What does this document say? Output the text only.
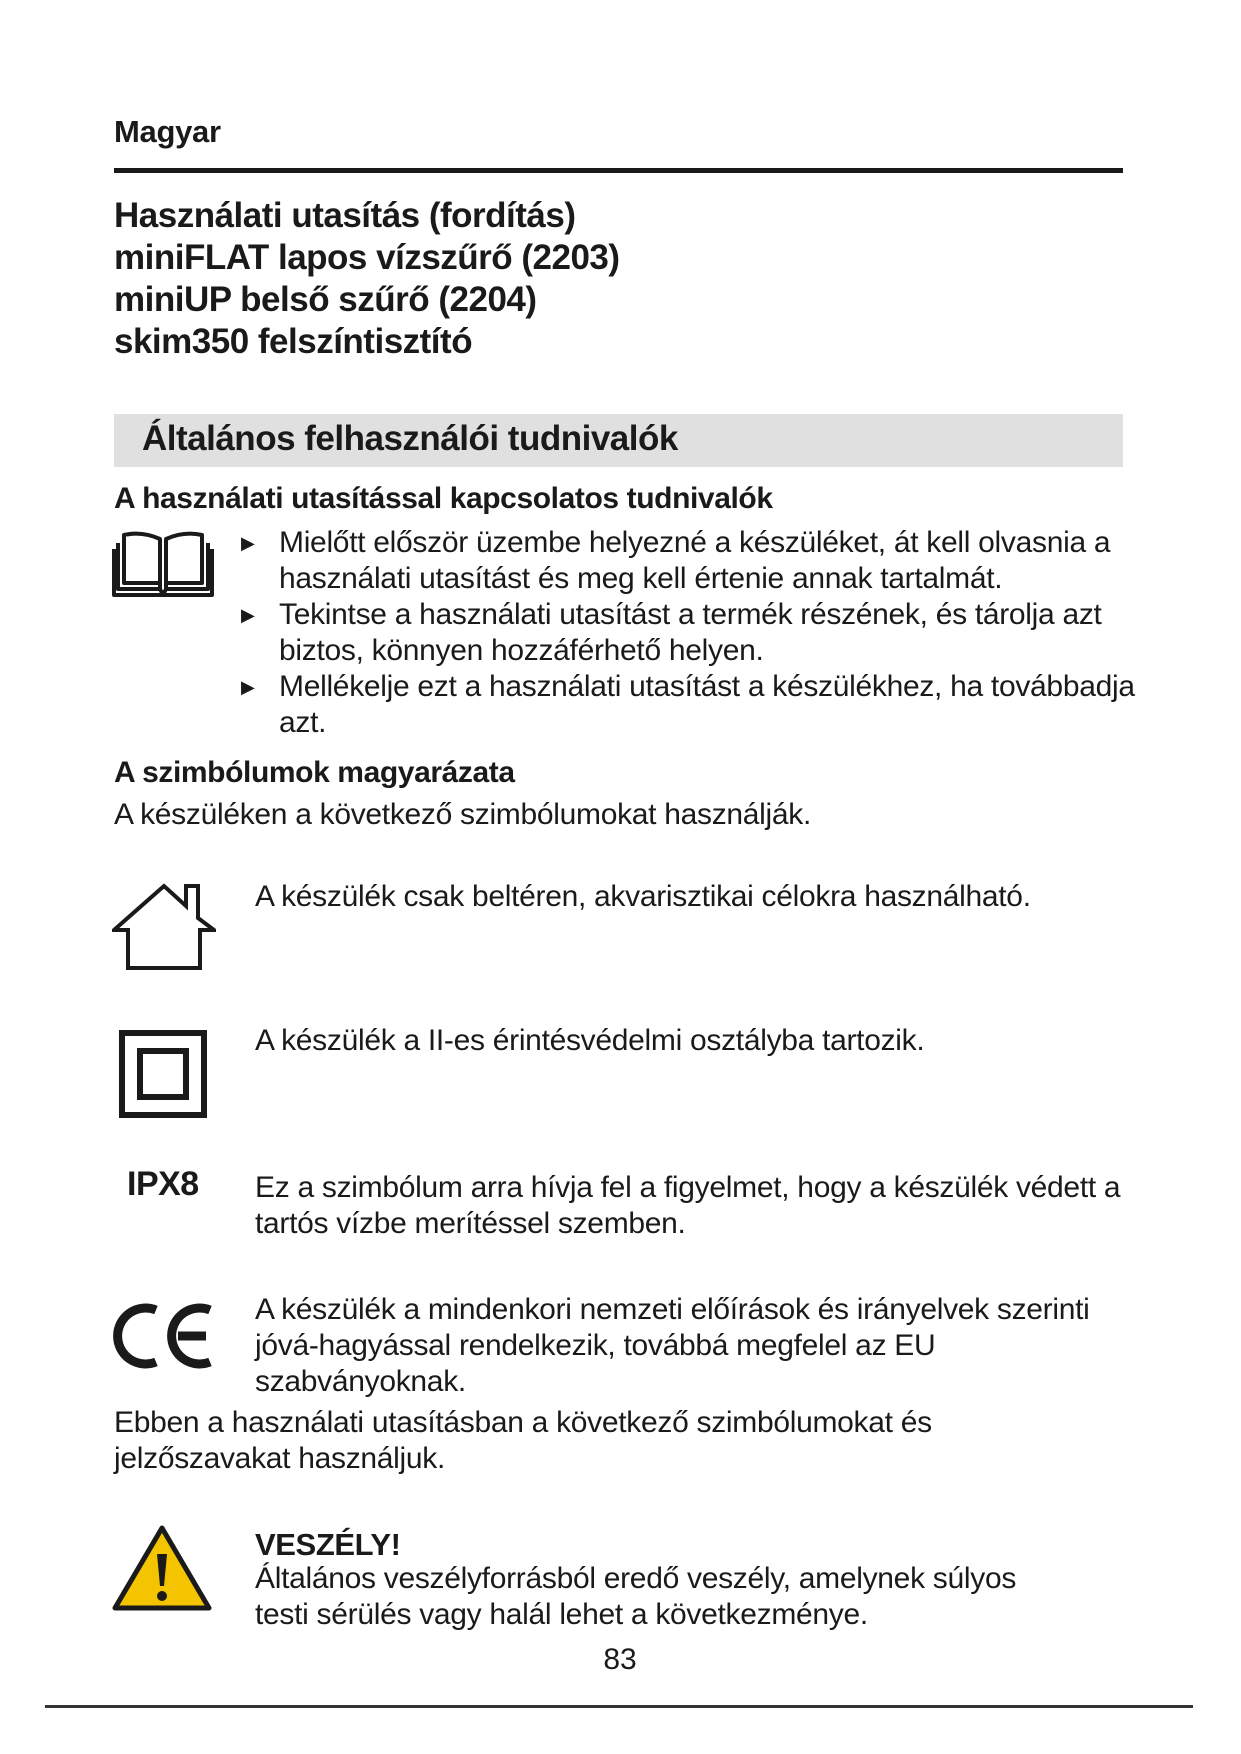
Magyar
Használati utasítás (fordítás)
miniFLAT lapos vízszűrő (2203)
miniUP belső szűrő (2204)
skim350 felszíntisztító
Általános felhasználói tudnivalók
A használati utasítással kapcsolatos tudnivalók
▶ Mielőtt először üzembe helyezné a készüléket, át kell olvasnia a használati utasítást és meg kell értenie annak tartalmát.
▶ Tekintse a használati utasítást a termék részének, és tárolja azt biztos, könnyen hozzáférhető helyen.
▶ Mellékelje ezt a használati utasítást a készülékhez, ha továbbadja azt.
A szimbólumok magyarázata
A készüléken a következő szimbólumokat használják.
A készülék csak beltéren, akvarisztikai célokra használható.
A készülék a II-es érintésvédelmi osztályba tartozik.
IPX8 Ez a szimbólum arra hívja fel a figyelmet, hogy a készülék védett a tartós vízbe merítéssel szemben.
A készülék a mindenkori nemzeti előírások és irányelvek szerinti jóvá-hagyással rendelkezik, továbbá megfelel az EU szabványoknak.
Ebben a használati utasításban a következő szimbólumokat és jelzőszavakat használjuk.
VESZÉLY!
Általános veszélyforrásból eredő veszély, amelynek súlyos testi sérülés vagy halál lehet a következménye.
83
